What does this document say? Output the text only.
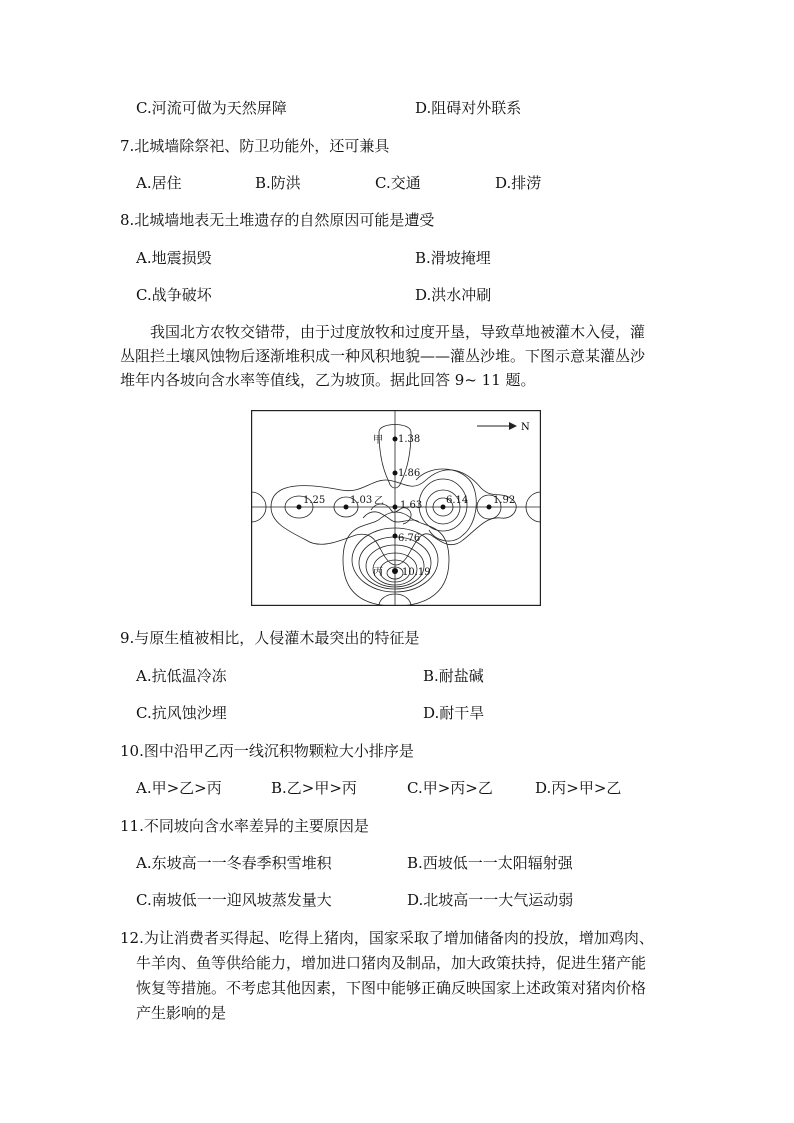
C.河流可做为天然屏障	D.阻碍对外联系
7.北城墙除祭祀、防卫功能外，还可兼具
A.居住	B.防洪	C.交通	D.排涝
8.北城墙地表无土堆遗存的自然原因可能是遭受
A.地震损毁	B.滑坡掩埋
C.战争破坏	D.洪水冲刷
我国北方农牧交错带，由于过度放牧和过度开垦，导致草地被灌木入侵，灌
丛阻拦土壤风蚀物后逐渐堆积成一种风积地貌——灌丛沙堆。下图示意某灌丛沙
堆年内各坡向含水率等值线，乙为坡顶。据此回答 9~ 11 题。
N
甲 1.38
1.86
1.25 1.03 乙 1.63 6.14 1.92
6.76
丙 10.19
9.与原生植被相比，人侵灌木最突出的特征是
A.抗低温冷冻	B.耐盐碱
C.抗风蚀沙埋	D.耐干旱
10.图中沿甲乙丙一线沉积物颗粒大小排序是
A.甲>乙>丙	B.乙>甲>丙	C.甲>丙>乙	D.丙>甲>乙
11.不同坡向含水率差异的主要原因是
A.东坡高一一冬春季积雪堆积	B.西坡低一一太阳辐射强
C.南坡低一一迎风坡蒸发量大	D.北坡高一一大气运动弱
12.为让消费者买得起、吃得上猪肉，国家采取了增加储备肉的投放，增加鸡肉、
牛羊肉、鱼等供给能力，增加进口猪肉及制品，加大政策扶持，促进生猪产能
恢复等措施。不考虑其他因素，下图中能够正确反映国家上述政策对猪肉价格
产生影响的是
